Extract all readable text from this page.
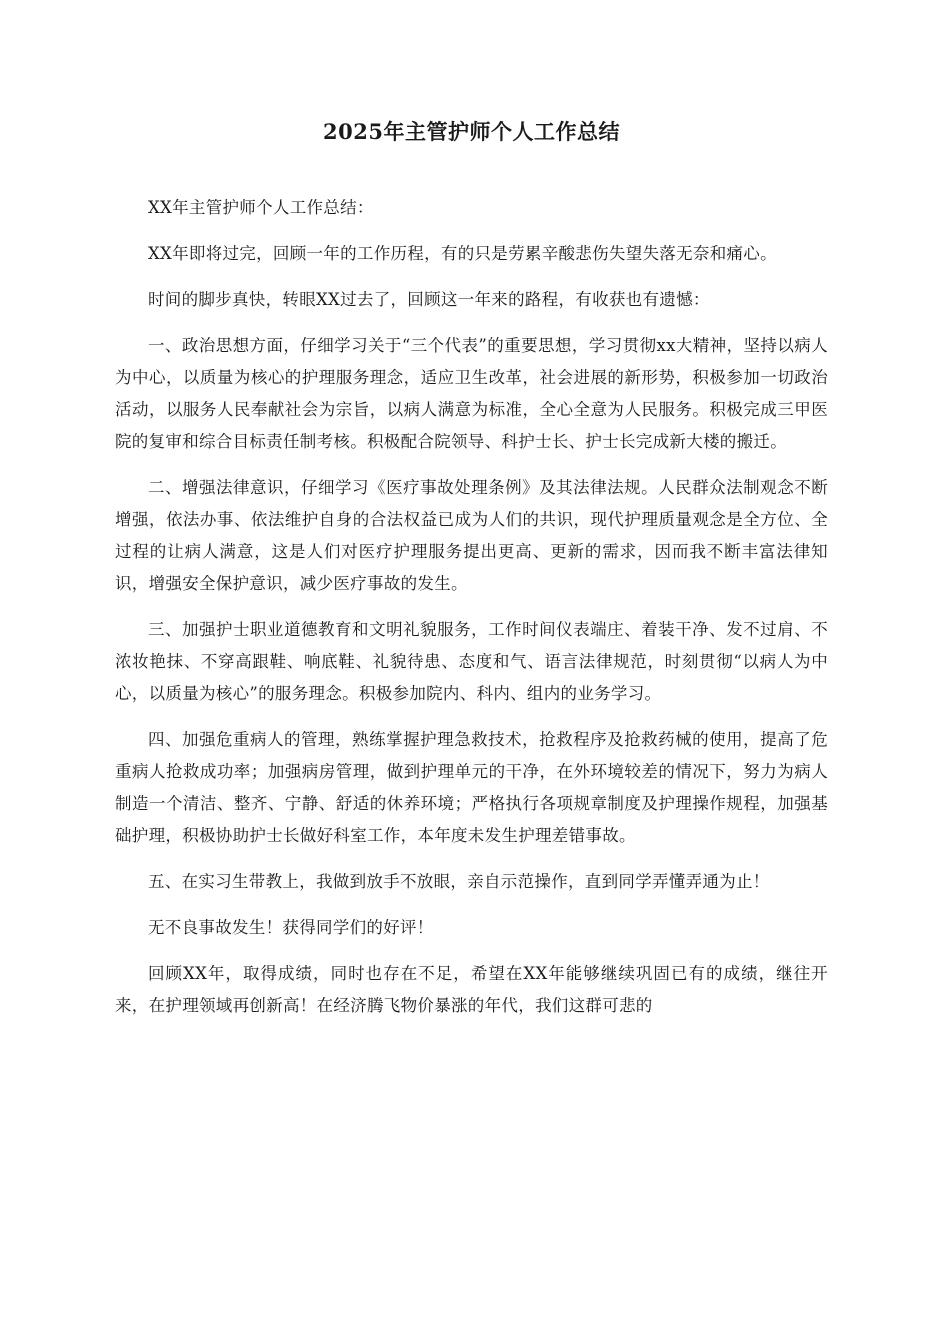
2025年主管护师个人工作总结

XX年主管护师个人工作总结：

XX年即将过完，回顾一年的工作历程，有的只是劳累辛酸悲伤失望失落无奈和痛心。

时间的脚步真快，转眼XX过去了，回顾这一年来的路程，有收获也有遗憾：

一、政治思想方面，仔细学习关于“三个代表”的重要思想，学习贯彻xx大精神，坚持以病人为中心，以质量为核心的护理服务理念，适应卫生改革，社会进展的新形势，积极参加一切政治活动，以服务人民奉献社会为宗旨，以病人满意为标准，全心全意为人民服务。积极完成三甲医院的复审和综合目标责任制考核。积极配合院领导、科护士长、护士长完成新大楼的搬迁。

二、增强法律意识，仔细学习《医疗事故处理条例》及其法律法规。人民群众法制观念不断增强，依法办事、依法维护自身的合法权益已成为人们的共识，现代护理质量观念是全方位、全过程的让病人满意，这是人们对医疗护理服务提出更高、更新的需求，因而我不断丰富法律知识，增强安全保护意识，减少医疗事故的发生。

三、加强护士职业道德教育和文明礼貌服务，工作时间仪表端庄、着装干净、发不过肩、不浓妆艳抹、不穿高跟鞋、响底鞋、礼貌待患、态度和气、语言法律规范，时刻贯彻“以病人为中心，以质量为核心”的服务理念。积极参加院内、科内、组内的业务学习。

四、加强危重病人的管理，熟练掌握护理急救技术，抢救程序及抢救药械的使用，提高了危重病人抢救成功率；加强病房管理，做到护理单元的干净，在外环境较差的情况下，努力为病人制造一个清洁、整齐、宁静、舒适的休养环境；严格执行各项规章制度及护理操作规程，加强基础护理，积极协助护士长做好科室工作，本年度未发生护理差错事故。

五、在实习生带教上，我做到放手不放眼，亲自示范操作，直到同学弄懂弄通为止！

无不良事故发生！获得同学们的好评！

回顾XX年，取得成绩，同时也存在不足，希望在XX年能够继续巩固已有的成绩，继往开来，在护理领域再创新高！在经济腾飞物价暴涨的年代，我们这群可悲的
